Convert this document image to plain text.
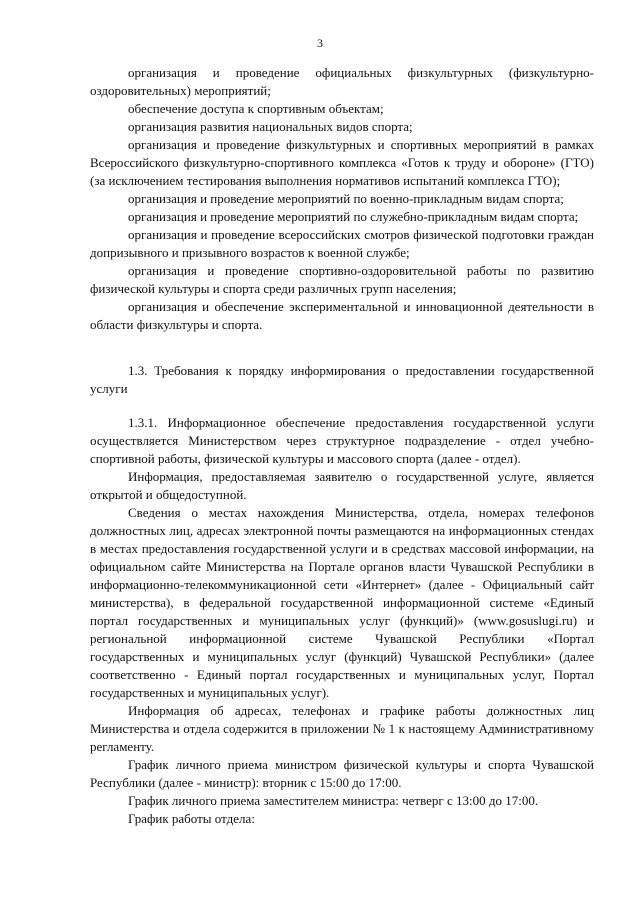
3

организация и проведение официальных физкультурных (физкультурно-оздоровительных) мероприятий;

обеспечение доступа к спортивным объектам;

организация развития национальных видов спорта;

организация и проведение физкультурных и спортивных мероприятий в рамках Всероссийского физкультурно-спортивного комплекса «Готов к труду и обороне» (ГТО) (за исключением тестирования выполнения нормативов испытаний комплекса ГТО);

организация и проведение мероприятий по военно-прикладным видам спорта;

организация и проведение мероприятий по служебно-прикладным видам спорта;

организация и проведение всероссийских смотров физической подготовки граждан допризывного и призывного возрастов к военной службе;

организация и проведение спортивно-оздоровительной работы по развитию физической культуры и спорта среди различных групп населения;

организация и обеспечение экспериментальной и инновационной деятельности в области физкультуры и спорта.

1.3. Требования к порядку информирования о предоставлении государственной услуги

1.3.1. Информационное обеспечение предоставления государственной услуги осуществляется Министерством через структурное подразделение - отдел учебно-спортивной работы, физической культуры и массового спорта (далее - отдел).

Информация, предоставляемая заявителю о государственной услуге, является открытой и общедоступной.

Сведения о местах нахождения Министерства, отдела, номерах телефонов должностных лиц, адресах электронной почты размещаются на информационных стендах в местах предоставления государственной услуги и в средствах массовой информации, на официальном сайте Министерства на Портале органов власти Чувашской Республики в информационно-телекоммуникационной сети «Интернет» (далее - Официальный сайт министерства), в федеральной государственной информационной системе «Единый портал государственных и муниципальных услуг (функций)» (www.gosuslugi.ru) и региональной информационной системе Чувашской Республики «Портал государственных и муниципальных услуг (функций) Чувашской Республики» (далее соответственно - Единый портал государственных и муниципальных услуг, Портал государственных и муниципальных услуг).

Информация об адресах, телефонах и графике работы должностных лиц Министерства и отдела содержится в приложении № 1 к настоящему Административному регламенту.

График личного приема министром физической культуры и спорта Чувашской Республики (далее - министр): вторник с 15:00 до 17:00.

График личного приема заместителем министра: четверг с 13:00 до 17:00.

График работы отдела:
